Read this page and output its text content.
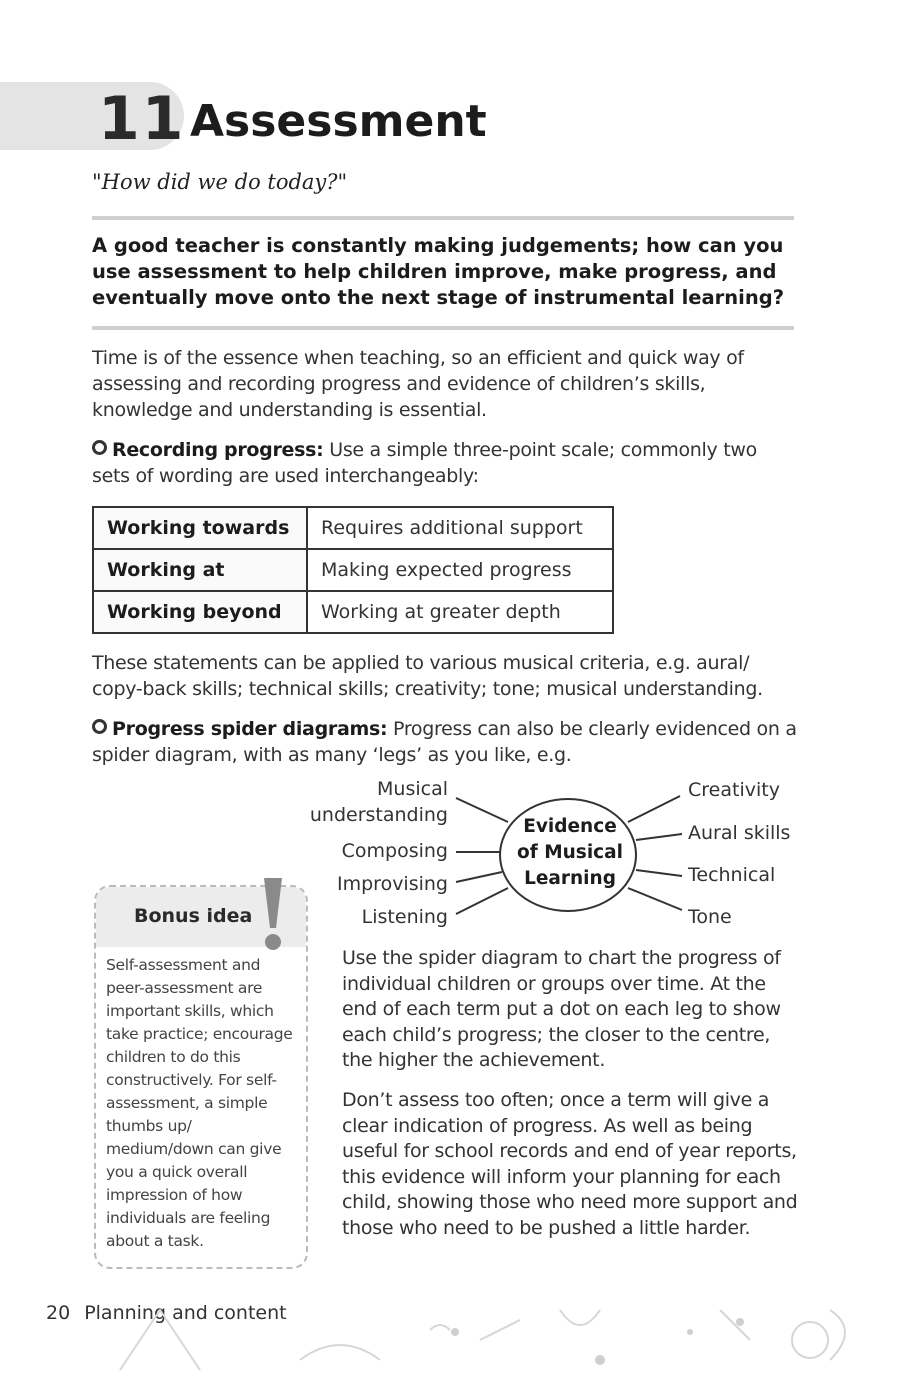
11 Assessment
"How did we do today?"
A good teacher is constantly making judgements; how can you use assessment to help children improve, make progress, and eventually move onto the next stage of instrumental learning?
Time is of the essence when teaching, so an efficient and quick way of assessing and recording progress and evidence of children’s skills, knowledge and understanding is essential.
Recording progress: Use a simple three-point scale; commonly two sets of wording are used interchangeably:
Working towards	Requires additional support
Working at	Making expected progress
Working beyond	Working at greater depth
These statements can be applied to various musical criteria, e.g. aural/ copy-back skills; technical skills; creativity; tone; musical understanding.
Progress spider diagrams: Progress can also be clearly evidenced on a spider diagram, with as many ‘legs’ as you like, e.g.
Evidence
of Musical
Learning
Musical
understanding
Composing
Improvising
Listening
Creativity
Aural skills
Technical
Tone
Bonus idea
Self-assessment and peer-assessment are important skills, which take practice; encourage children to do this constructively. For self-assessment, a simple thumbs up/ medium/down can give you a quick overall impression of how individuals are feeling about a task.
Use the spider diagram to chart the progress of individual children or groups over time. At the end of each term put a dot on each leg to show each child’s progress; the closer to the centre, the higher the achievement.
Don’t assess too often; once a term will give a clear indication of progress. As well as being useful for school records and end of year reports, this evidence will inform your planning for each child, showing those who need more support and those who need to be pushed a little harder.
20 Planning and content
